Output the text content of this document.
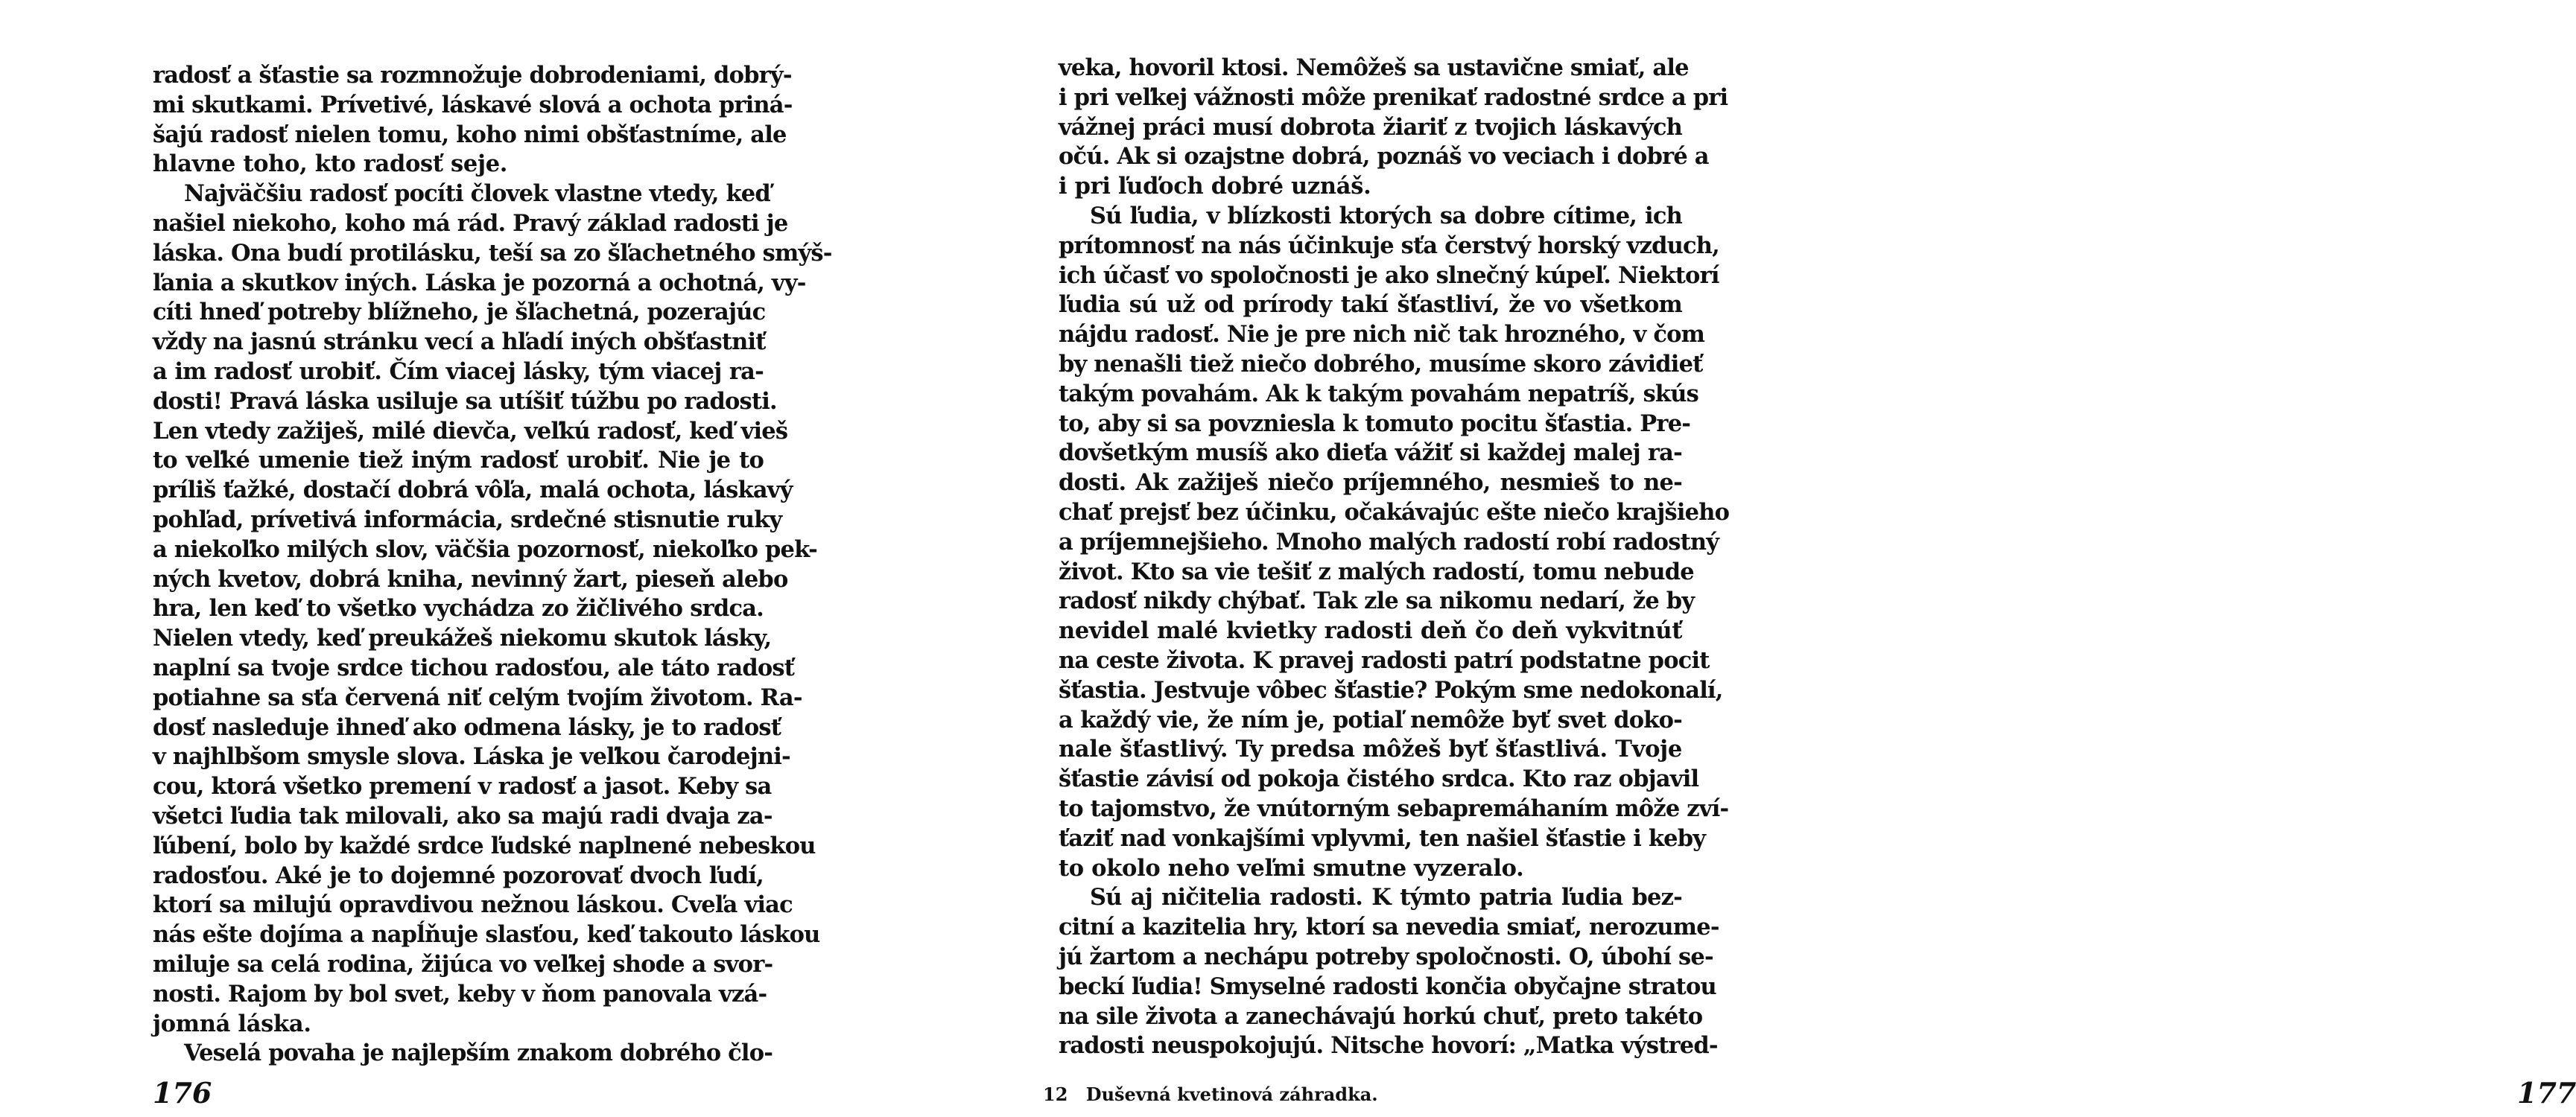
radosť a šťastie sa rozmnožuje dobrodeniami, dobrý-
mi skutkami. Prívetivé, láskavé slová a ochota priná-
šajú radosť nielen tomu, koho nimi obšťastníme, ale
hlavne toho, kto radosť seje.
Najväčšiu radosť pocíti človek vlastne vtedy, keď
našiel niekoho, koho má rád. Pravý základ radosti je
láska. Ona budí protilásku, teší sa zo šľachetného smýš-
ľania a skutkov iných. Láska je pozorná a ochotná, vy-
cíti hneď potreby blížneho, je šľachetná, pozerajúc
vždy na jasnú stránku vecí a hľadí iných obšťastniť
a im radosť urobiť. Čím viacej lásky, tým viacej ra-
dosti! Pravá láska usiluje sa utíšiť túžbu po radosti.
Len vtedy zažiješ, milé dievča, veľkú radosť, keď vieš
to veľké umenie tiež iným radosť urobiť. Nie je to
príliš ťažké, dostačí dobrá vôľa, malá ochota, láskavý
pohľad, prívetivá informácia, srdečné stisnutie ruky
a niekoľko milých slov, väčšia pozornosť, niekoľko pek-
ných kvetov, dobrá kniha, nevinný žart, pieseň alebo
hra, len keď to všetko vychádza zo žičlivého srdca.
Nielen vtedy, keď preukážeš niekomu skutok lásky,
naplní sa tvoje srdce tichou radosťou, ale táto radosť
potiahne sa sťa červená niť celým tvojím životom. Ra-
dosť nasleduje ihneď ako odmena lásky, je to radosť
v najhlbšom smysle slova. Láska je veľkou čarodejni-
cou, ktorá všetko premení v radosť a jasot. Keby sa
všetci ľudia tak milovali, ako sa majú radi dvaja za-
ľúbení, bolo by každé srdce ľudské naplnené nebeskou
radosťou. Aké je to dojemné pozorovať dvoch ľudí,
ktorí sa milujú opravdivou nežnou láskou. Cveľa viac
nás ešte dojíma a napĺňuje slasťou, keď takouto láskou
miluje sa celá rodina, žijúca vo veľkej shode a svor-
nosti. Rajom by bol svet, keby v ňom panovala vzá-
jomná láska.
Veselá povaha je najlepším znakom dobrého člo-
176
veka, hovoril ktosi. Nemôžeš sa ustavične smiať, ale
i pri veľkej vážnosti môže prenikať radostné srdce a pri
vážnej práci musí dobrota žiariť z tvojich láskavých
očú. Ak si ozajstne dobrá, poznáš vo veciach i dobré a
i pri ľuďoch dobré uznáš.
Sú ľudia, v blízkosti ktorých sa dobre cítime, ich
prítomnosť na nás účinkuje sťa čerstvý horský vzduch,
ich účasť vo spoločnosti je ako slnečný kúpeľ. Niektorí
ľudia sú už od prírody takí šťastliví, že vo všetkom
nájdu radosť. Nie je pre nich nič tak hrozného, v čom
by nenašli tiež niečo dobrého, musíme skoro závidieť
takým povahám. Ak k takým povahám nepatríš, skús
to, aby si sa povzniesla k tomuto pocitu šťastia. Pre-
dovšetkým musíš ako dieťa vážiť si každej malej ra-
dosti. Ak zažiješ niečo príjemného, nesmieš to ne-
chať prejsť bez účinku, očakávajúc ešte niečo krajšieho
a príjemnejšieho. Mnoho malých radostí robí radostný
život. Kto sa vie tešiť z malých radostí, tomu nebude
radosť nikdy chýbať. Tak zle sa nikomu nedarí, že by
nevidel malé kvietky radosti deň čo deň vykvitnúť
na ceste života. K pravej radosti patrí podstatne pocit
šťastia. Jestvuje vôbec šťastie? Pokým sme nedokonalí,
a každý vie, že ním je, potiaľ nemôže byť svet doko-
nale šťastlivý. Ty predsa môžeš byť šťastlivá. Tvoje
šťastie závisí od pokoja čistého srdca. Kto raz objavil
to tajomstvo, že vnútorným sebapremáhaním môže zví-
ťaziť nad vonkajšími vplyvmi, ten našiel šťastie i keby
to okolo neho veľmi smutne vyzeralo.
Sú aj ničitelia radosti. K týmto patria ľudia bez-
citní a kazitelia hry, ktorí sa nevedia smiať, nerozume-
jú žartom a nechápu potreby spoločnosti. O, úbohí se-
beckí ľudia! Smyselné radosti končia obyčajne stratou
na sile života a zanechávajú horkú chuť, preto takéto
radosti neuspokojujú. Nitsche hovorí: „Matka výstred-
177
12 Duševná kvetinová záhradka.
